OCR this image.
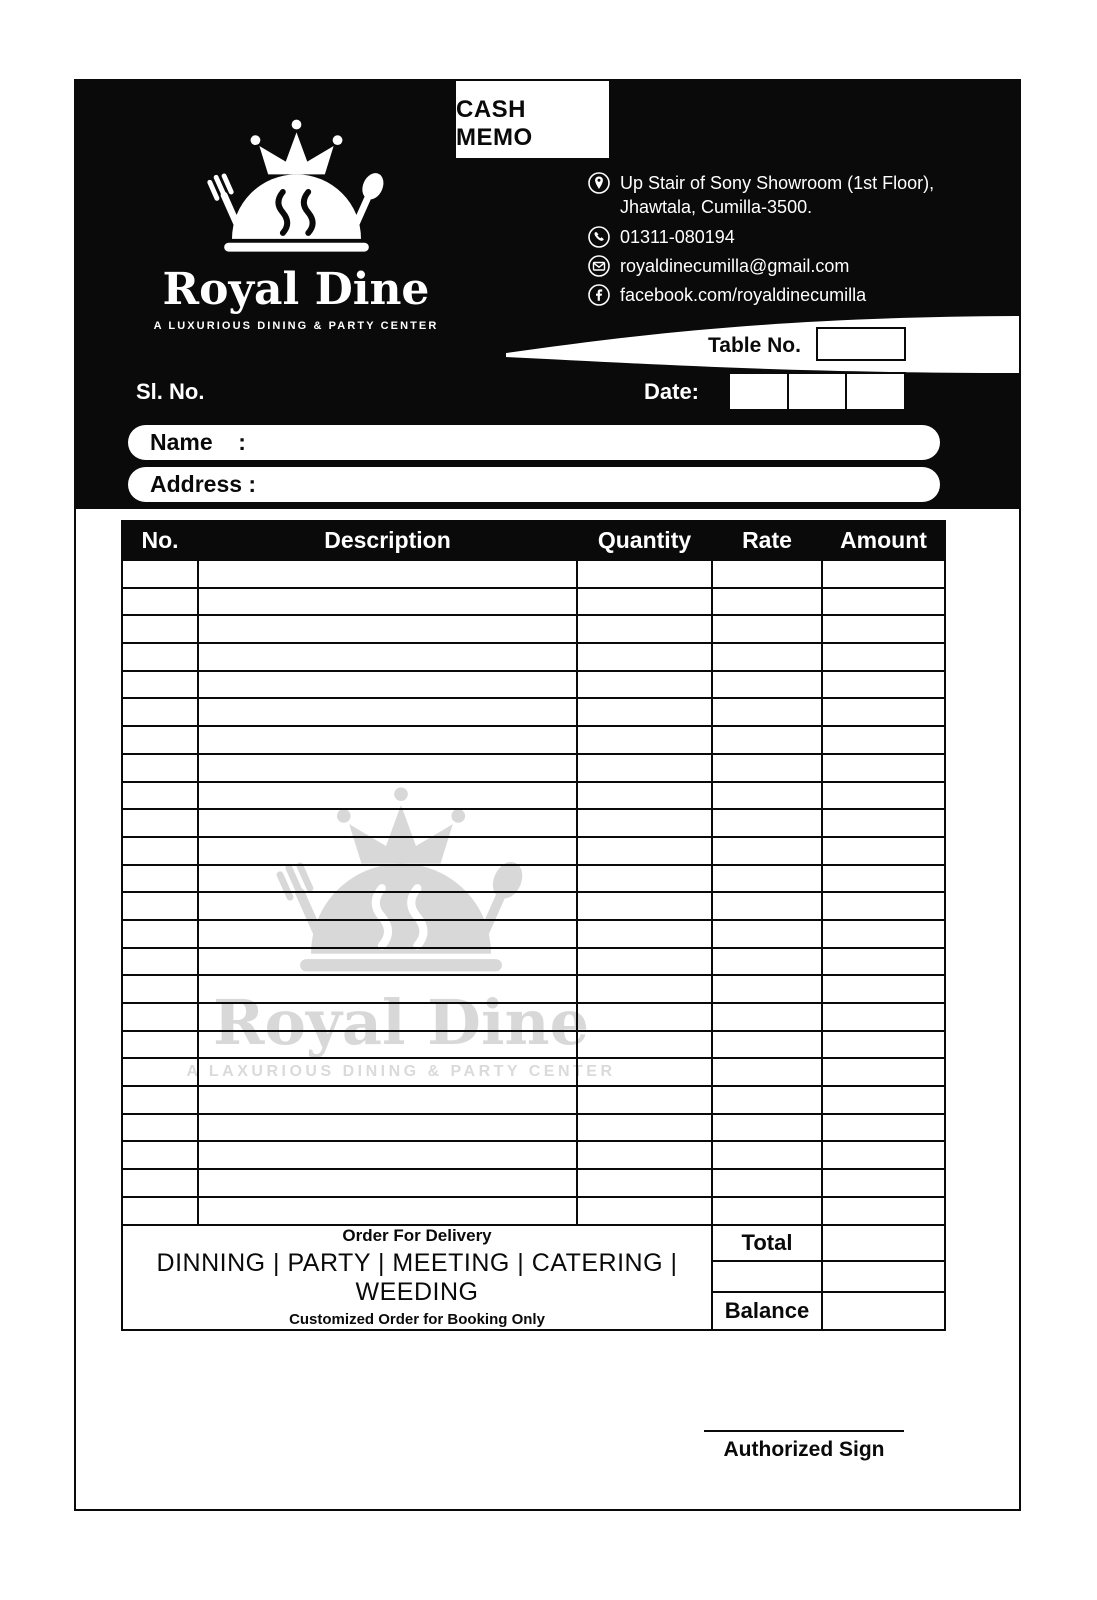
Royal Dine
A LUXURIOUS DINING & PARTY CENTER
CASH MEMO
Up Stair of Sony Showroom (1st Floor),
Jhawtala, Cumilla-3500.
01311-080194
royaldinecumilla@gmail.com
facebook.com/royaldinecumilla
Table No.
Sl. No.	Date:
Name    :
Address :
Royal Dine
A LAXURIOUS DINING & PARTY CENTER
No.	Description	Quantity	Rate	Amount

Order For Delivery
DINNING | PARTY | MEETING | CATERING | WEEDING
Customized Order for Booking Only			Total	

			Balance	
Authorized Sign
